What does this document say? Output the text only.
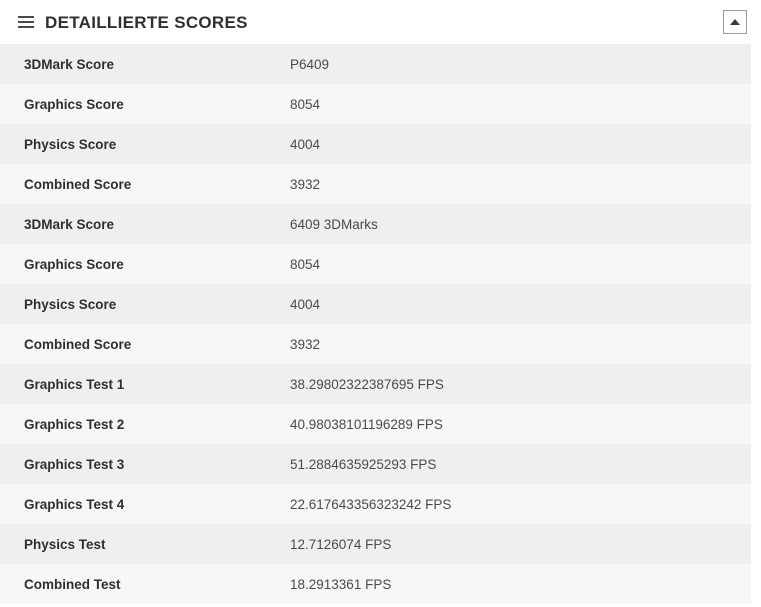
DETAILLIERTE SCORES
3DMark Score	P6409	

Graphics Score	8054	

Physics Score	4004	

Combined Score	3932	

3DMark Score	6409 3DMarks	

Graphics Score	8054	

Physics Score	4004	

Combined Score	3932	

Graphics Test 1	38.29802322387695 FPS	

Graphics Test 2	40.98038101196289 FPS	

Graphics Test 3	51.2884635925293 FPS	

Graphics Test 4	22.617643356323242 FPS	

Physics Test	12.7126074 FPS	

Combined Test	18.2913361 FPS	
